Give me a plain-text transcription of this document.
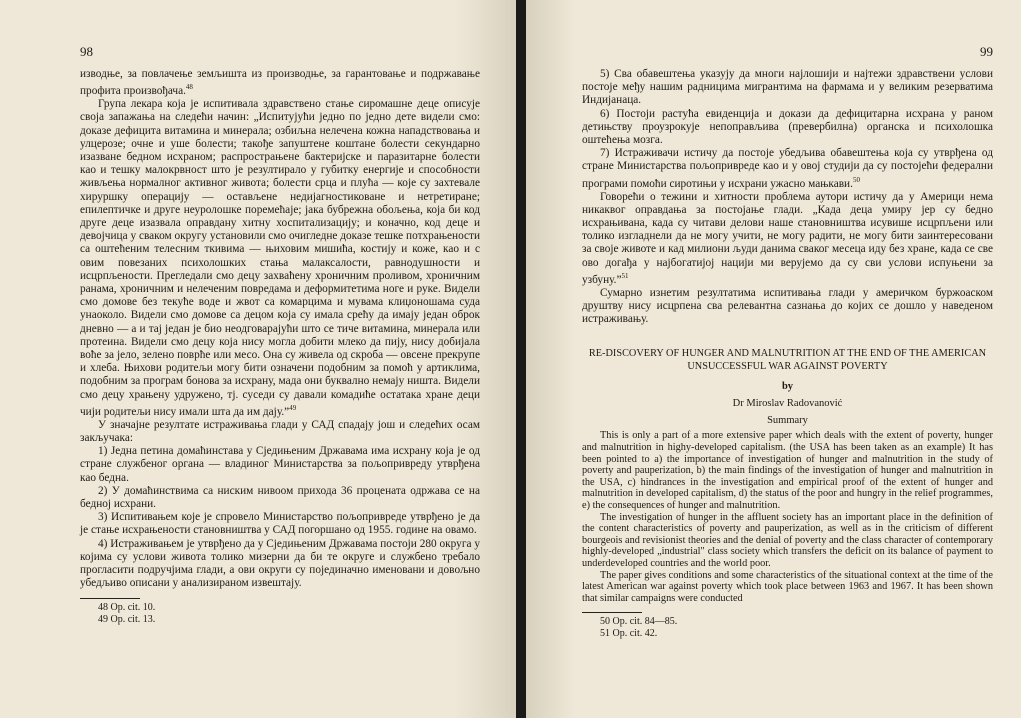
98

изводње, за повлачење земљишта из производње, за гарантовање и подржавање профита произвођача.$^{48}$

Група лекара која је испитивала здравствено стање сиромашне деце описује своја запажања на следећи начин: „Испитујући једно по једно дете видели смо: доказе дефицита витамина и минерала; озбиљна нелечена кожна нападствовања и улцерозе; очне и уше болести; такође запуштене коштане болести секундарно изазване бедном исхраном; распрострањене бактеријске и паразитарне болести као и тешку малокрвност што је резултирало у губитку енергије и способности живљења нормалног активног живота; болести срца и плућа — које су захтевале хируршку операцију — остављене недијагностиковане и нетретиране; епилептичке и друге неуролошке поремећаје; јака бубрежна обољења, која би код друге деце изазвала оправдану хитну хоспитализацију; и коначно, код деце и девојчица у сваком округу установили смо очигледне доказе тешке потхрањености са оштећеним телесним ткивима — њиховим мишића, костију и коже, као и с овим повезаних психолошких стања малаксалости, равнодушности и исцрпљености. Прегледали смо децу захваћену хроничним проливом, хроничним ранама, хроничним и нелеченим повредама и деформитетима ноге и руке. Видели смо домове без текуће воде и жвот са комарцима и мувама клиџоношама суда унаоколо. Видели смо домове са децом која су имала срећу да имају један оброк дневно — а и тај један је био неодговарајући што се тиче витамина, минерала или протеина. Видели смо децу која нису могла добити млеко да пију, нису добијала воће за јело, зелено поврће или месо. Она су живела од скроба — овсене прекрупе и хлеба. Њихови родитељи могу бити означени подобним за помоћ у артиклима, подобним за програм бонова за исхрану, мада они буквално немају ништа. Видели смо децу храњену удружено, тј. суседи су давали комадиће остатака хране деци чији родитељи нису имали шта да им дају.”$^{49}$

У значајне резултате истраживања глади у САД спадају још и следећих осам закључака:

1) Једна петина домаћинстава у Сједињеним Државама има исхрану која је од стране службеног органа — владиног Министарства за пољопривреду утврђена као бедна.

2) У домаћинствима са ниским нивоом прихода 36 процената одржава се на бедној исхрани.

3) Испитивањем које је спровело Министарство пољопривреде утврђено је да је стање исхрањености становништва у САД погоршано од 1955. године на овамо.

4) Истраживањем је утврђено да у Сједињеним Државама постоји 280 округа у којима су услови живота толико мизерни да би те округе и службено требало прогласити подручјима глади, а ови округи су појединачно именовани и довољно убедљиво описани у анализираном извештају.

48 Op. cit. 10.
49 Op. cit. 13.
99

5) Сва обавештења указују да многи најлошији и најтежи здравствени услови постоје међу нашим радницима мигрантима на фармама и у великим резерватима Индијанаца.

6) Постоји растућа евиденција и докази да дефицитарна исхрана у раном детињству проузрокује непоправљива (превербилна) органска и психолошка оштећења мозга.

7) Истраживачи истичу да постоје убедљива обавештења која су утврђена од стране Министарства пољопривреде као и у овој студији да су постојећи федерални програми помоћи сиротињи у исхрани ужасно мањкави.$^{50}$

Говорећи о тежини и хитности проблема аутори истичу да у Америци нема никаквог оправдања за постојање глади. „Када деца умиру јер су бедно исхрањивана, када су читави делови наше становништва исувише исцрпљени или толико изгладнели да не могу учити, не могу радити, не могу бити заинтересовани за своје животе и кад милиони људи данима сваког месеца иду без хране, када се све ово догађа у најбогатијој нацији ми верујемо да су сви услови испуњени за узбуну.”$^{51}$

Сумарно изнетим резултатима испитивања глади у америчком буржоаском друштву нису исцрпена сва релевантна сазнања до којих се дошло у наведеном истраживању.

RE-DISCOVERY OF HUNGER AND MALNUTRITION AT THE END OF THE AMERICAN UNSUCCESSFUL WAR AGAINST POVERTY
by
Dr Miroslav Radovanović
Summary

This is only a part of a more extensive paper which deals with the extent of poverty, hunger and malnutrition in highy-developed capitalism. (the USA has been taken as an example) It has been pointed to a) the importance of investigation of hunger and malnutrition in the study of poverty and pauperization, b) the main findings of the investigation of hunger and malnutrition in the USA, c) hindrances in the investigation and empirical proof of the extent of hunger and malnutrition in developed capitalism, d) the status of the poor and hungry in the relief programmes, e) the consequences of hunger and malnutrition.

The investigation of hunger in the affluent society has an important place in the definition of the content characteristics of poverty and pauperization, as well as in the criticism of different bourgeois and revisionist theories and the denial of poverty and the class character of contemporary highly-developed „industrial" class society which transfers the deficit on its balance of payment to underdeveloped countries and the world poor.

The paper gives conditions and some characteristics of the situational context at the time of the latest American war against poverty which took place between 1963 and 1967. It has been shown that similar campaigns were conducted

50 Op. cit. 84—85.
51 Op. cit. 42.
